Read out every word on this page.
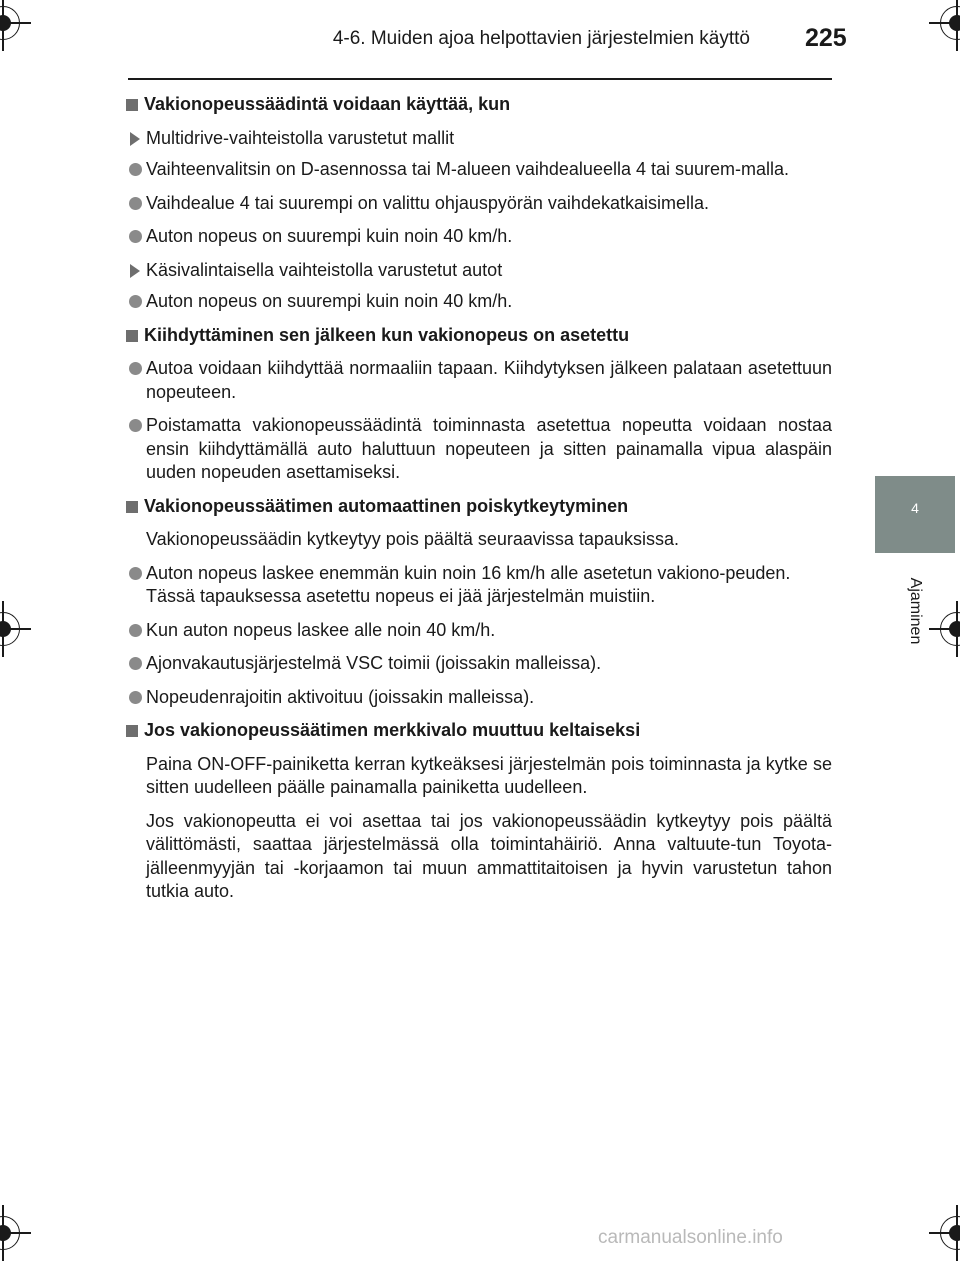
4-6. Muiden ajoa helpottavien järjestelmien käyttö 225
4
Ajaminen
Vakionopeussäädintä voidaan käyttää, kun
Multidrive-vaihteistolla varustetut mallit
Vaihteenvalitsin on D-asennossa tai M-alueen vaihdealueella 4 tai suurem-malla.
Vaihdealue 4 tai suurempi on valittu ohjauspyörän vaihdekatkaisimella.
Auton nopeus on suurempi kuin noin 40 km/h.
Käsivalintaisella vaihteistolla varustetut autot
Auton nopeus on suurempi kuin noin 40 km/h.
Kiihdyttäminen sen jälkeen kun vakionopeus on asetettu
Autoa voidaan kiihdyttää normaaliin tapaan. Kiihdytyksen jälkeen palataan asetettuun nopeuteen.
Poistamatta vakionopeussäädintä toiminnasta asetettua nopeutta voidaan nostaa ensin kiihdyttämällä auto haluttuun nopeuteen ja sitten painamalla vipua alaspäin uuden nopeuden asettamiseksi.
Vakionopeussäätimen automaattinen poiskytkeytyminen
Vakionopeussäädin kytkeytyy pois päältä seuraavissa tapauksissa.
Auton nopeus laskee enemmän kuin noin 16 km/h alle asetetun vakiono-peuden.
Tässä tapauksessa asetettu nopeus ei jää järjestelmän muistiin.
Kun auton nopeus laskee alle noin 40 km/h.
Ajonvakautusjärjestelmä VSC toimii (joissakin malleissa).
Nopeudenrajoitin aktivoituu (joissakin malleissa).
Jos vakionopeussäätimen merkkivalo muuttuu keltaiseksi
Paina ON-OFF-painiketta kerran kytkeäksesi järjestelmän pois toiminnasta ja kytke se sitten uudelleen päälle painamalla painiketta uudelleen.
Jos vakionopeutta ei voi asettaa tai jos vakionopeussäädin kytkeytyy pois päältä välittömästi, saattaa järjestelmässä olla toimintahäiriö. Anna valtuute-tun Toyota-jälleenmyyjän tai -korjaamon tai muun ammattitaitoisen ja hyvin varustetun tahon tutkia auto.
carmanualsonline.info
